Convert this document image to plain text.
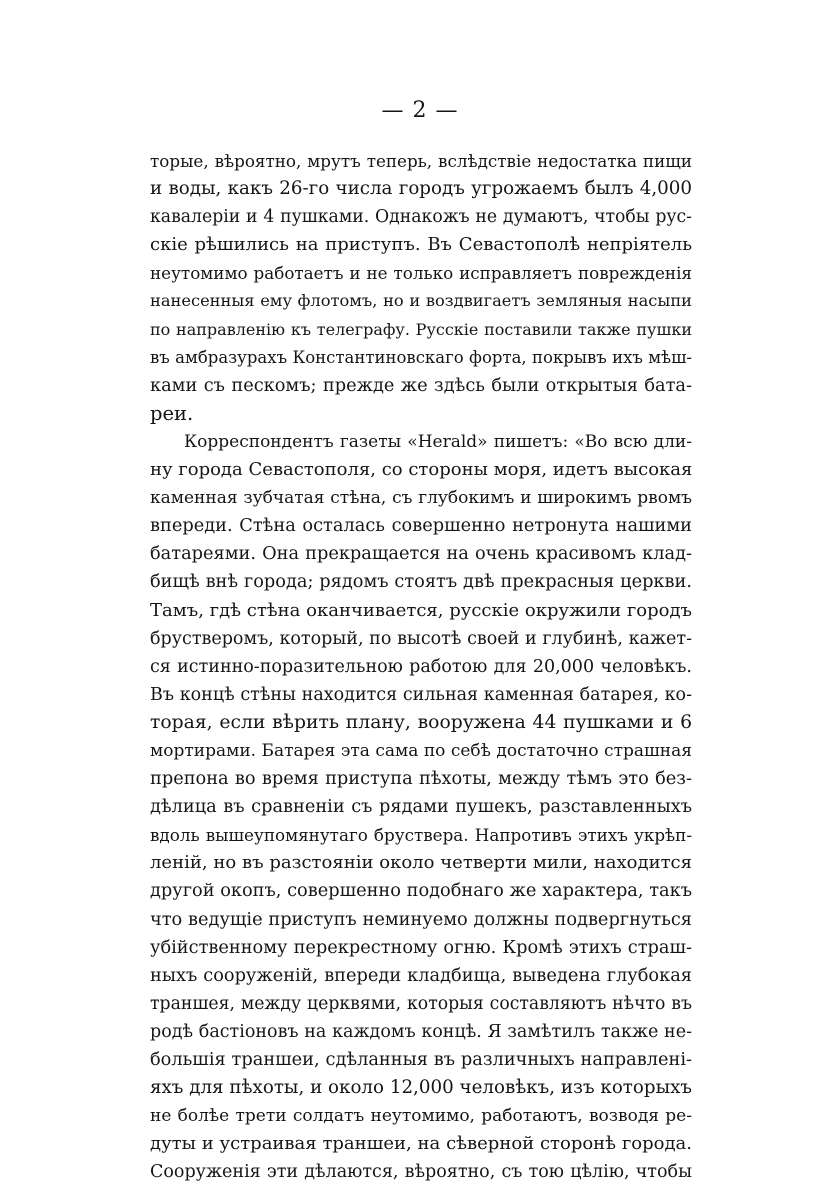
— 2 —
торые, вѣроятно, мрутъ теперь, вслѣдствіе недостатка пищи
и воды, какъ 26-го числа городъ угрожаемъ былъ 4,000
кавалеріи и 4 пушками. Однакожъ не думаютъ, чтобы рус-
скіе рѣшились на приступъ. Въ Севастополѣ непріятель
неутомимо работаетъ и не только исправляетъ поврежденія
нанесенныя ему флотомъ, но и воздвигаетъ земляныя насыпи
по направленію къ телеграфу. Русскіе поставили также пушки
въ амбразурахъ Константиновскаго форта, покрывъ ихъ мѣш-
ками съ пескомъ; прежде же здѣсь были открытыя бата-
реи.
Корреспондентъ газеты «Herald» пишетъ: «Во всю дли-
ну города Севастополя, со стороны моря, идетъ высокая
каменная зубчатая стѣна, съ глубокимъ и широкимъ рвомъ
впереди. Стѣна осталась совершенно нетронута нашими
батареями. Она прекращается на очень красивомъ клад-
бищѣ внѣ города; рядомъ стоятъ двѣ прекрасныя церкви.
Тамъ, гдѣ стѣна оканчивается, русскіе окружили городъ
брустверомъ, который, по высотѣ своей и глубинѣ, кажет-
ся истинно-поразительною работою для 20,000 человѣкъ.
Въ концѣ стѣны находится сильная каменная батарея, ко-
торая, если вѣрить плану, вооружена 44 пушками и 6
мортирами. Батарея эта сама по себѣ достаточно страшная
препона во время приступа пѣхоты, между тѣмъ это без-
дѣлица въ сравненіи съ рядами пушекъ, разставленныхъ
вдоль вышеупомянутаго бруствера. Напротивъ этихъ укрѣп-
леній, но въ разстояніи около четверти мили, находится
другой окопъ, совершенно подобнаго же характера, такъ
что ведущіе приступъ неминуемо должны подвергнуться
убійственному перекрестному огню. Кромѣ этихъ страш-
ныхъ сооруженій, впереди кладбища, выведена глубокая
траншея, между церквями, которыя составляютъ нѣчто въ
родѣ бастіоновъ на каждомъ концѣ. Я замѣтилъ также не-
большія траншеи, сдѣланныя въ различныхъ направлені-
яхъ для пѣхоты, и около 12,000 человѣкъ, изъ которыхъ
не болѣе трети солдатъ неутомимо, работаютъ, возводя ре-
дуты и устраивая траншеи, на сѣверной сторонѣ города.
Сооруженія эти дѣлаются, вѣроятно, съ тою цѣлію, чтобы
